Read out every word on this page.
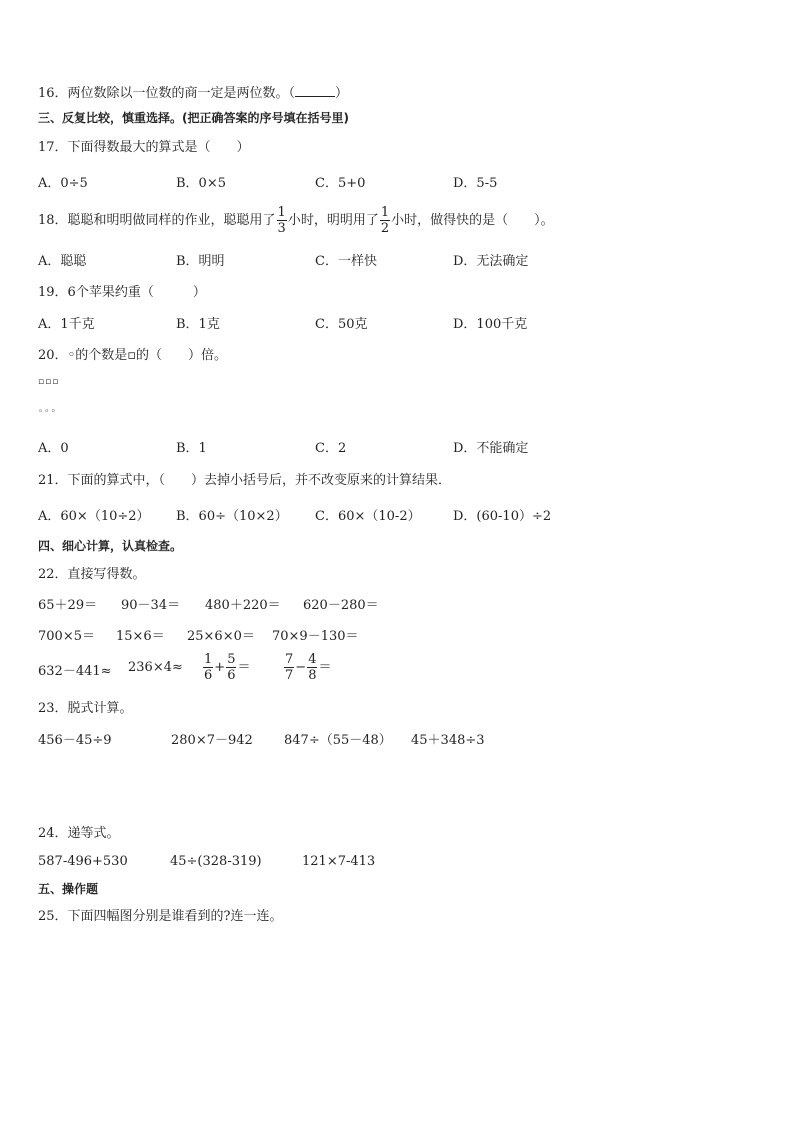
16．两位数除以一位数的商一定是两位数。（	）
三、反复比较，慎重选择。(把正确答案的序号填在括号里)
17．下面得数最大的算式是（　　）
A．0÷5	B．0×5	C．5+0	D．5-5
18．聪聪和明明做同样的作业，聪聪用了 $\frac{1}{3}$ 小时，明明用了 $\frac{1}{2}$ 小时，做得快的是（　　）。
A．聪聪	B．明明	C．一样快	D．无法确定
19．6个苹果约重（　　　）
A．1千克	B．1克	C．50克	D．100千克
20．◦的个数是▫的（　　）倍。
▫▫▫
◦◦◦
A．0	B．1	C．2	D．不能确定
21．下面的算式中，（　　）去掉小括号后，并不改变原来的计算结果．
A．60×（10÷2） B．60÷（10×2） C．60×（10-2） D．(60-10）÷2
四、细心计算，认真检查。
22．直接写得数。
65＋29＝ 90－34＝ 480＋220＝ 620－280＝
700×5＝ 15×6＝ 25×6×0＝ 70×9－130＝
$632-441\approx 236\times 4\approx \frac{1}{6} + \frac{5}{6}$ ＝	$\frac{7}{7} - \frac{4}{8}$ ＝
23．脱式计算。
456－45÷9	280×7－942 847÷（55－48） 45＋348÷3
24．递等式。
587-496+530	45÷(328-319)	121×7-413
五、操作题
25．下面四幅图分别是谁看到的?连一连。
